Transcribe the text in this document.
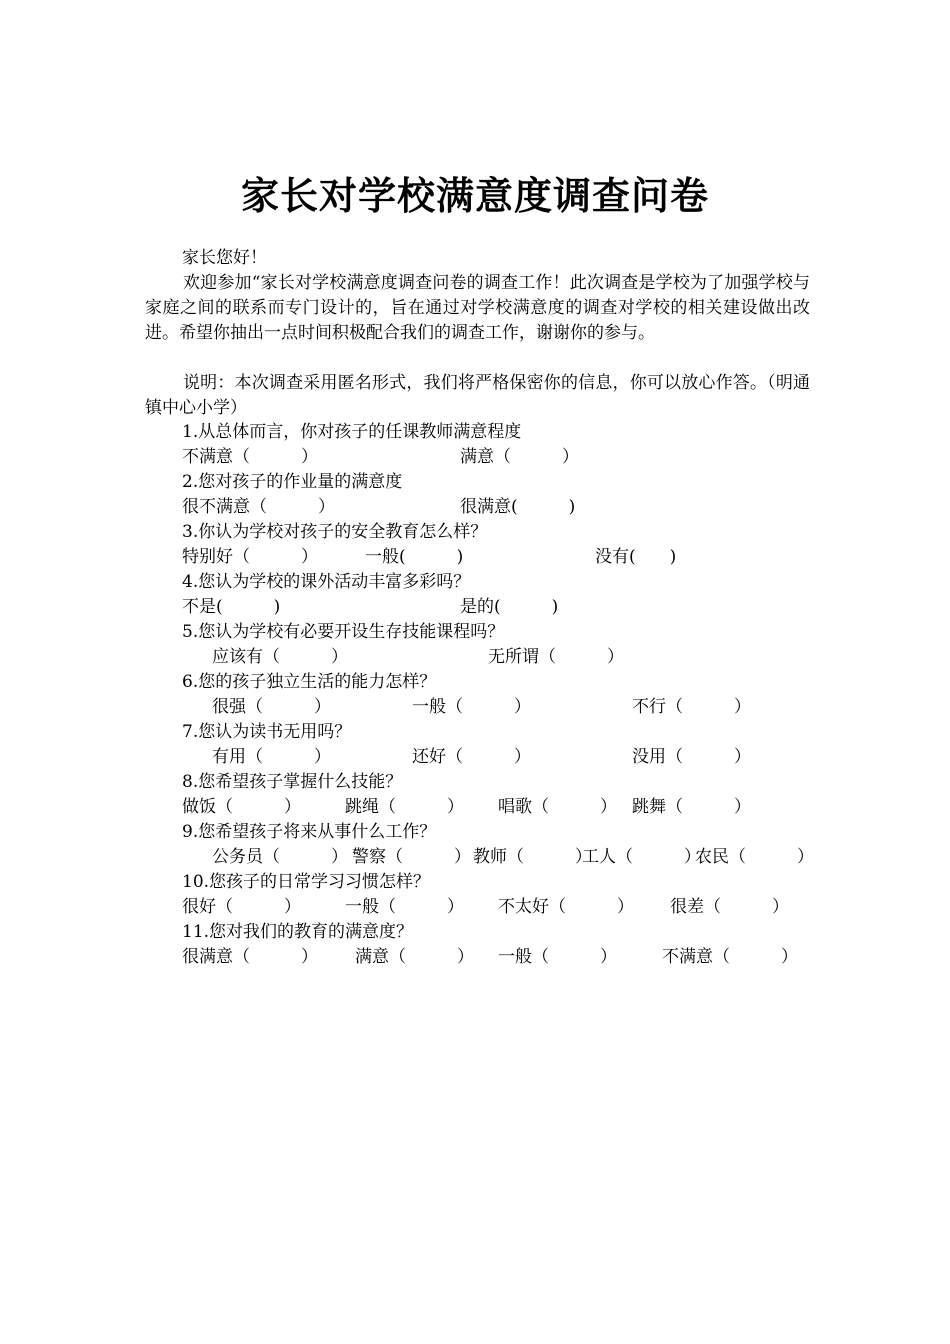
家长对学校满意度调查问卷
家长您好！
欢迎参加“家长对学校满意度调查问卷的调查工作！此次调查是学校为了加强学校与家庭之间的联系而专门设计的，旨在通过对学校满意度的调查对学校的相关建设做出改进。希望你抽出一点时间积极配合我们的调查工作，谢谢你的参与。
说明：本次调查采用匿名形式，我们将严格保密你的信息，你可以放心作答。（明通镇中心小学）
1.从总体而言，你对孩子的任课教师满意程度
不满意（　　　）	满意（　　　）
2.您对孩子的作业量的满意度
很不满意（　　　）	很满意(　　　)
3.你认为学校对孩子的安全教育怎么样？
特别好（　　　）	一般(　　　)	没有(　　)
4.您认为学校的课外活动丰富多彩吗？
不是(　　　)	是的(　　　)
5.您认为学校有必要开设生存技能课程吗？
应该有（　　　）	无所谓（　　　）
6.您的孩子独立生活的能力怎样？
很强（　　　）	一般（　　　）	不行（　　　）
7.您认为读书无用吗？
有用（　　　）	还好（　　　）	没用（　　　）
8.您希望孩子掌握什么技能？
做饭（　　　）	跳绳（　　　） 唱歌（　　　） 跳舞（　　　）
9.您希望孩子将来从事什么工作？
公务员（　　　） 警察（　　　） 教师（　　　）
工人（　　　）
农民（　　　）
10.您孩子的日常学习习惯怎样？
很好（　　　）	一般（　　　） 不太好（　　　） 很差（　　　）
11.您对我们的教育的满意度？
很满意（　　　） 满意（　　　） 一般（　　　）	不满意（　　　）
